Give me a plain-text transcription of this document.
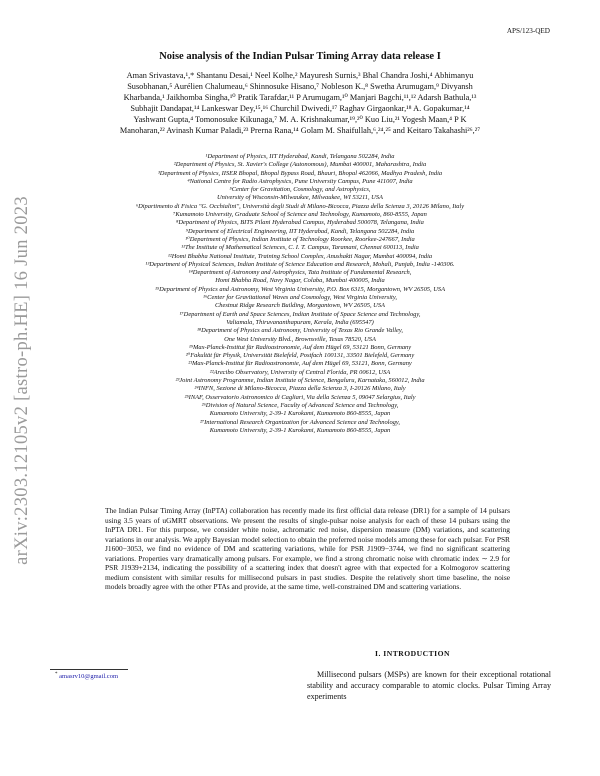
arXiv:2303.12105v2 [astro-ph.HE] 16 Jun 2023
APS/123-QED
Noise analysis of the Indian Pulsar Timing Array data release I
Aman Srivastava,¹,* Shantanu Desai,¹ Neel Kolhe,² Mayuresh Surnis,³ Bhal Chandra Joshi,⁴ Abhimanyu
Susobhanan,⁵ Aurélien Chalumeau,⁶ Shinnosuke Hisano,⁷ Nobleson K.,⁸ Swetha Arumugam,⁹ Divyansh
Kharbanda,¹ Jaikhomba Singha,¹⁰ Pratik Tarafdar,¹¹ P Arumugam,¹⁰ Manjari Bagchi,¹¹,¹² Adarsh Bathula,¹³
Subhajit Dandapat,¹⁴ Lankeswar Dey,¹⁵,¹⁶ Churchil Dwivedi,¹⁷ Raghav Girgaonkar,¹⁸ A. Gopakumar,¹⁴
Yashwant Gupta,⁴ Tomonosuke Kikunaga,⁷ M. A. Krishnakumar,¹⁹,²⁰ Kuo Liu,²¹ Yogesh Maan,⁴ P K
Manoharan,²² Avinash Kumar Paladi,²³ Prerna Rana,¹⁴ Golam M. Shaifullah,⁶,²⁴,²⁵ and Keitaro Takahashi²⁶,²⁷
¹Department of Physics, IIT Hyderabad, Kandi, Telangana 502284, India
²Department of Physics, St. Xavier's College (Autonomous), Mumbai 400001, Maharashtra, India
³Department of Physics, IISER Bhopal, Bhopal Bypass Road, Bhauri, Bhopal 462066, Madhya Pradesh, India
⁴National Centre for Radio Astrophysics, Pune University Campus, Pune 411007, India
⁵Center for Gravitation, Cosmology, and Astrophysics,
University of Wisconsin-Milwaukee, Milwaukee, WI 53211, USA
⁶Dipartimento di Fisica "G. Occhialini", Università degli Studi di Milano-Bicocca, Piazza della Scienza 3, 20126 Milano, Italy
⁷Kumamoto University, Graduate School of Science and Technology, Kumamoto, 860-8555, Japan
⁸Department of Physics, BITS Pilani Hyderabad Campus, Hyderabad 500078, Telangana, India
⁹Department of Electrical Engineering, IIT Hyderabad, Kandi, Telangana 502284, India
¹⁰Department of Physics, Indian Institute of Technology Roorkee, Roorkee-247667, India
¹¹The Institute of Mathematical Sciences, C. I. T. Campus, Taramani, Chennai 600113, India
¹²Homi Bhabha National Institute, Training School Complex, Anushakti Nagar, Mumbai 400094, India
¹³Department of Physical Sciences, Indian Institute of Science Education and Research, Mohali, Punjab, India -140306.
¹⁴Department of Astronomy and Astrophysics, Tata Institute of Fundamental Research,
Homi Bhabha Road, Navy Nagar, Colaba, Mumbai 400005, India
¹⁵Department of Physics and Astronomy, West Virginia University, P.O. Box 6315, Morgantown, WV 26505, USA
¹⁶Center for Gravitational Waves and Cosmology, West Virginia University,
Chestnut Ridge Research Building, Morgantown, WV 26505, USA
¹⁷Department of Earth and Space Sciences, Indian Institute of Space Science and Technology,
Valiamala, Thiruvananthapuram, Kerala, India (695547)
¹⁸Department of Physics and Astronomy, University of Texas Rio Grande Valley,
One West University Blvd., Brownsville, Texas 78520, USA
¹⁹Max-Planck-Institut für Radioastronomie, Auf dem Hügel 69, 53121 Bonn, Germany
²⁰Fakultät für Physik, Universität Bielefeld, Postfach 100131, 33501 Bielefeld, Germany
²¹Max-Planck-Institut für Radioastronomie, Auf dem Hügel 69, 53121, Bonn, Germany
²²Arecibo Observatory, University of Central Florida, PR 00612, USA
²³Joint Astronomy Programme, Indian Institute of Science, Bengaluru, Karnataka, 560012, India
²⁴INFN, Sezione di Milano-Bicocca, Piazza della Scienza 3, I-20126 Milano, Italy
²⁵INAF, Osservatorio Astronomico di Cagliari, Via della Scienza 5, 09047 Selargius, Italy
²⁶Division of Natural Science, Faculty of Advanced Science and Technology,
Kumamoto University, 2-39-1 Kurokami, Kumamoto 860-8555, Japan
²⁷International Research Organization for Advanced Science and Technology,
Kumamoto University, 2-39-1 Kurokami, Kumamoto 860-8555, Japan
The Indian Pulsar Timing Array (InPTA) collaboration has recently made its first official data release (DR1) for a sample of 14 pulsars using 3.5 years of uGMRT observations. We present the results of single-pulsar noise analysis for each of these 14 pulsars using the InPTA DR1. For this purpose, we consider white noise, achromatic red noise, dispersion measure (DM) variations, and scattering variations in our analysis. We apply Bayesian model selection to obtain the preferred noise models among these for each pulsar. For PSR J1600−3053, we find no evidence of DM and scattering variations, while for PSR J1909−3744, we find no significant scattering variations. Properties vary dramatically among pulsars. For example, we find a strong chromatic noise with chromatic index ∼ 2.9 for PSR J1939+2134, indicating the possibility of a scattering index that doesn't agree with that expected for a Kolmogorov scattering medium consistent with similar results for millisecond pulsars in past studies. Despite the relatively short time baseline, the noise models broadly agree with the other PTAs and provide, at the same time, well-constrained DM and scattering variations.
I. INTRODUCTION
Millisecond pulsars (MSPs) are known for their exceptional rotational stability and accuracy comparable to atomic clocks. Pulsar Timing Array experiments
* amasrv10@gmail.com
